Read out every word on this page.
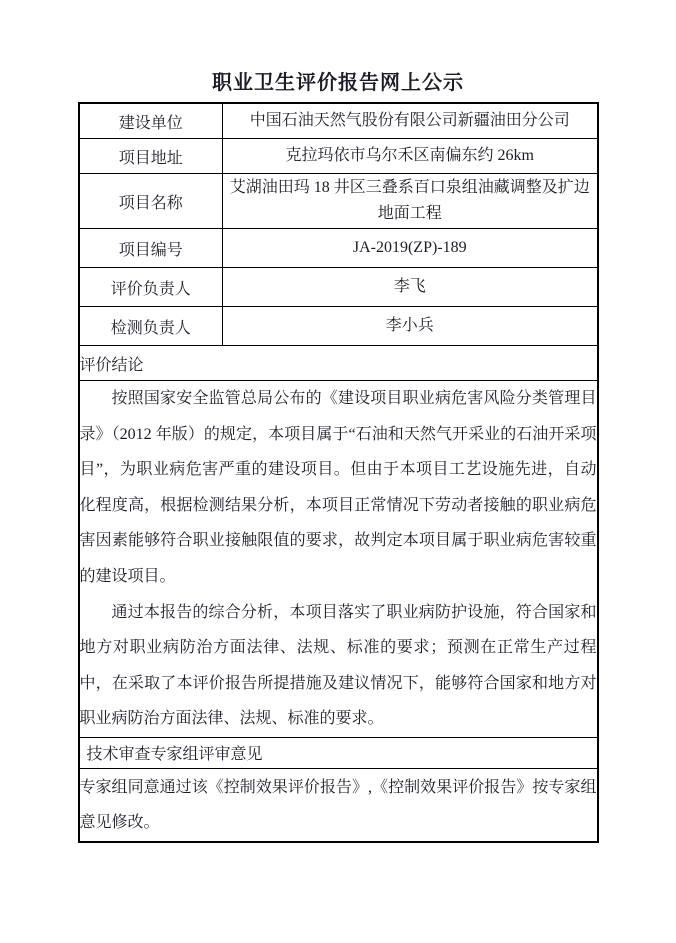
职业卫生评价报告网上公示
建设单位	中国石油天然气股份有限公司新疆油田分公司
项目地址	克拉玛依市乌尔禾区南偏东约 26km
项目名称	艾湖油田玛 18 井区三叠系百口泉组油藏调整及扩边地面工程
项目编号	JA-2019(ZP)-189
评价负责人	李飞
检测负责人	李小兵
评价结论	

按照国家安全监管总局公布的《建设项目职业病危害风险分类管理目录》（2012 年版）的规定，本项目属于“石油和天然气开采业的石油开采项目”，为职业病危害严重的建设项目。但由于本项目工艺设施先进，自动化程度高，根据检测结果分析，本项目正常情况下劳动者接触的职业病危害因素能够符合职业接触限值的要求，故判定本项目属于职业病危害较重的建设项目。

通过本报告的综合分析，本项目落实了职业病防护设施，符合国家和地方对职业病防治方面法律、法规、标准的要求；预测在正常生产过程中，在采取了本评价报告所提措施及建议情况下，能够符合国家和地方对职业病防治方面法律、法规、标准的要求。	

技术审查专家组评审意见	
专家组同意通过该《控制效果评价报告》,《控制效果评价报告》按专家组意见修改。	
